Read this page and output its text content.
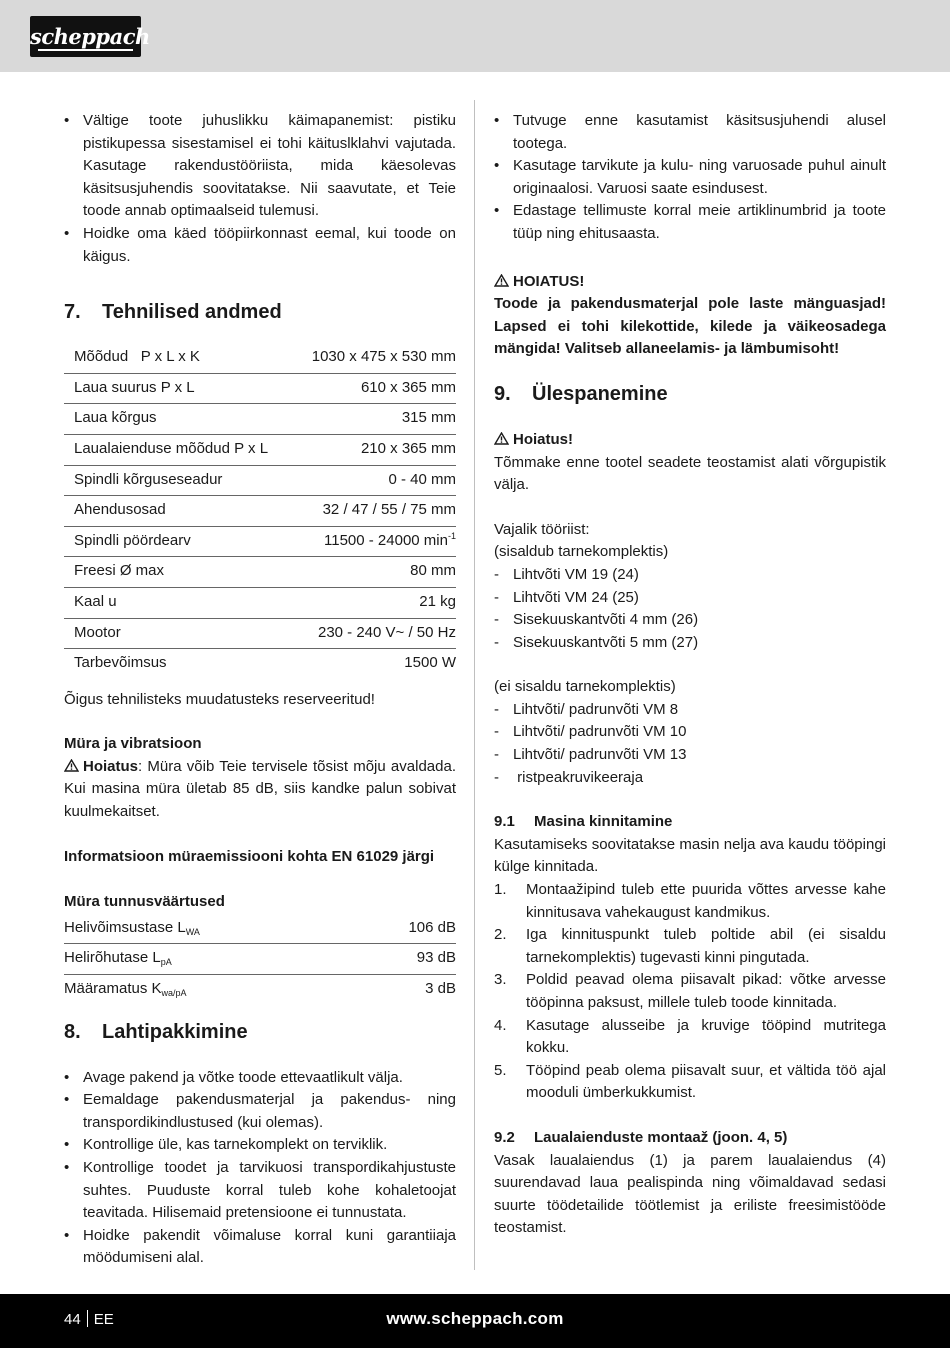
scheppach
• Vältige toote juhuslikku käimapanemist: pistiku pistikupessa sisestamisel ei tohi käituslklahvi vajutada. Kasutage rakendustööriista, mida käesolevas käsitsusjuhendis soovitatakse. Nii saavutate, et Teie toode annab optimaalseid tulemusi.
• Hoidke oma käed tööpiirkonnast eemal, kui toode on käigus.
7. Tehnilised andmed
Mõõdud   P x L x K	1030 x 475 x 530 mm
Laua suurus P x L	610 x 365 mm
Laua kõrgus	315 mm
Laualaienduse mõõdud P x L	210 x 365 mm
Spindli kõrguseseadur	0 - 40 mm
Ahendusosad	32 / 47 / 55 / 75 mm
Spindli pöördearv	11500 - 24000 $\min^{-1}$
Freesi Ø max	80 mm
Kaal u	21 kg
Mootor	230 - 240 V~ / 50 Hz
Tarbevõimsus	1500 W

Õigus tehnilisteks muudatusteks reserveeritud!

Müra ja vibratsioon

Hoiatus: Müra võib Teie tervisele tõsist mõju avaldada. Kui masina müra ületab 85 dB, siis kandke palun sobivat kuulmekaitset.

Informatsioon müraemissiooni kohta EN 61029 järgi

Müra tunnusväärtused

Helivõimsustase $L_{WA}$	106 dB
Helirõhutase $L_{pA}$	93 dB
Määramatus $K_{wa/pA}$	3 dB
8. Lahtipakkimine
• Avage pakend ja võtke toode ettevaatlikult välja.
• Eemaldage pakendusmaterjal ja pakendus- ning transpordikindlustused (kui olemas).
• Kontrollige üle, kas tarnekomplekt on terviklik.
• Kontrollige toodet ja tarvikuosi transpordikahjustuste suhtes. Puuduste korral tuleb kohe kohaletoojat teavitada. Hilisemaid pretensioone ei tunnustata.
• Hoidke pakendit võimaluse korral kuni garantiiaja möödumiseni alal.
• Tutvuge enne kasutamist käsitsusjuhendi alusel tootega.
• Kasutage tarvikute ja kulu- ning varuosade puhul ainult originaalosi. Varuosi saate esindusest.
• Edastage tellimuste korral meie artiklinumbrid ja toote tüüp ning ehitusaasta.

HOIATUS!

Toode ja pakendusmaterjal pole laste mänguasjad! Lapsed ei tohi kilekottide, kilede ja väikeosadega mängida! Valitseb allaneelamis- ja lämbumisoht!

9. Ülespanemine

Hoiatus!

Tõmmake enne tootel seadete teostamist alati võrgupistik välja.

Vajalik tööriist:

(sisaldub tarnekomplektis)

- Lihtvõti VM 19 (24)
- Lihtvõti VM 24 (25)
- Sisekuuskantvõti 4 mm (26)
- Sisekuuskantvõti 5 mm (27)

(ei sisaldu tarnekomplektis)

- Lihtvõti/ padrunvõti VM 8
- Lihtvõti/ padrunvõti VM 10
- Lihtvõti/ padrunvõti VM 13
-  ristpeakruvikeeraja
9.1 Masina kinnitamine

Kasutamiseks soovitatakse masin nelja ava kaudu tööpingi külge kinnitada.

1. Montaažipind tuleb ette puurida võttes arvesse kahe kinnitusava vahekaugust kandmikus.
2. Iga kinnituspunkt tuleb poltide abil (ei sisaldu tarnekomplektis) tugevasti kinni pingutada.
3. Poldid peavad olema piisavalt pikad: võtke arvesse tööpinna paksust, millele tuleb toode kinnitada.
4. Kasutage alusseibe ja kruvige tööpind mutritega kokku.
5. Tööpind peab olema piisavalt suur, et vältida töö ajal mooduli ümberkukkumist.
9.2 Laualaienduste montaaž (joon. 4, 5)

Vasak laualaiendus (1) ja parem laualaiendus (4) suurendavad laua pealispinda ning võimaldavad sedasi suurte töödetailide töötlemist ja eriliste freesimistööde teostamist.

44 EE	www.scheppach.com
